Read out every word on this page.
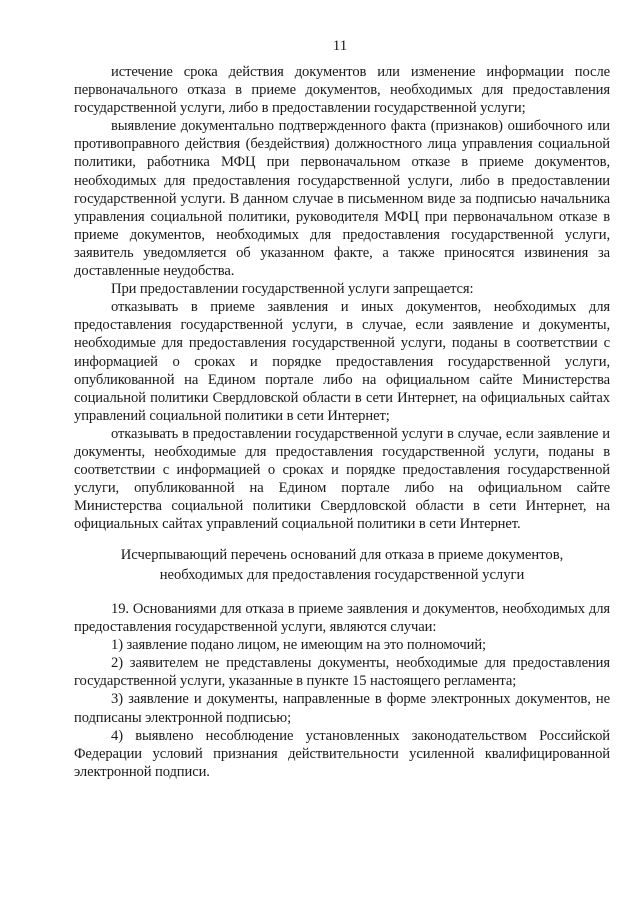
11

истечение срока действия документов или изменение информации после первоначального отказа в приеме документов, необходимых для предоставления государственной услуги, либо в предоставлении государственной услуги;

выявление документально подтвержденного факта (признаков) ошибочного или противоправного действия (бездействия) должностного лица управления социальной политики, работника МФЦ при первоначальном отказе в приеме документов, необходимых для предоставления государственной услуги, либо в предоставлении государственной услуги. В данном случае в письменном виде за подписью начальника управления социальной политики, руководителя МФЦ при первоначальном отказе в приеме документов, необходимых для предоставления государственной услуги, заявитель уведомляется об указанном факте, а также приносятся извинения за доставленные неудобства.

При предоставлении государственной услуги запрещается:

отказывать в приеме заявления и иных документов, необходимых для предоставления государственной услуги, в случае, если заявление и документы, необходимые для предоставления государственной услуги, поданы в соответствии с информацией о сроках и порядке предоставления государственной услуги, опубликованной на Едином портале либо на официальном сайте Министерства социальной политики Свердловской области в сети Интернет, на официальных сайтах управлений социальной политики в сети Интернет;

отказывать в предоставлении государственной услуги в случае, если заявление и документы, необходимые для предоставления государственной услуги, поданы в соответствии с информацией о сроках и порядке предоставления государственной услуги, опубликованной на Едином портале либо на официальном сайте Министерства социальной политики Свердловской области в сети Интернет, на официальных сайтах управлений социальной политики в сети Интернет.

Исчерпывающий перечень оснований для отказа в приеме документов,
необходимых для предоставления государственной услуги

19. Основаниями для отказа в приеме заявления и документов, необходимых для предоставления государственной услуги, являются случаи:

1) заявление подано лицом, не имеющим на это полномочий;

2) заявителем не представлены документы, необходимые для предоставления государственной услуги, указанные в пункте 15 настоящего регламента;

3) заявление и документы, направленные в форме электронных документов, не подписаны электронной подписью;

4) выявлено несоблюдение установленных законодательством Российской Федерации условий признания действительности усиленной квалифицированной электронной подписи.
